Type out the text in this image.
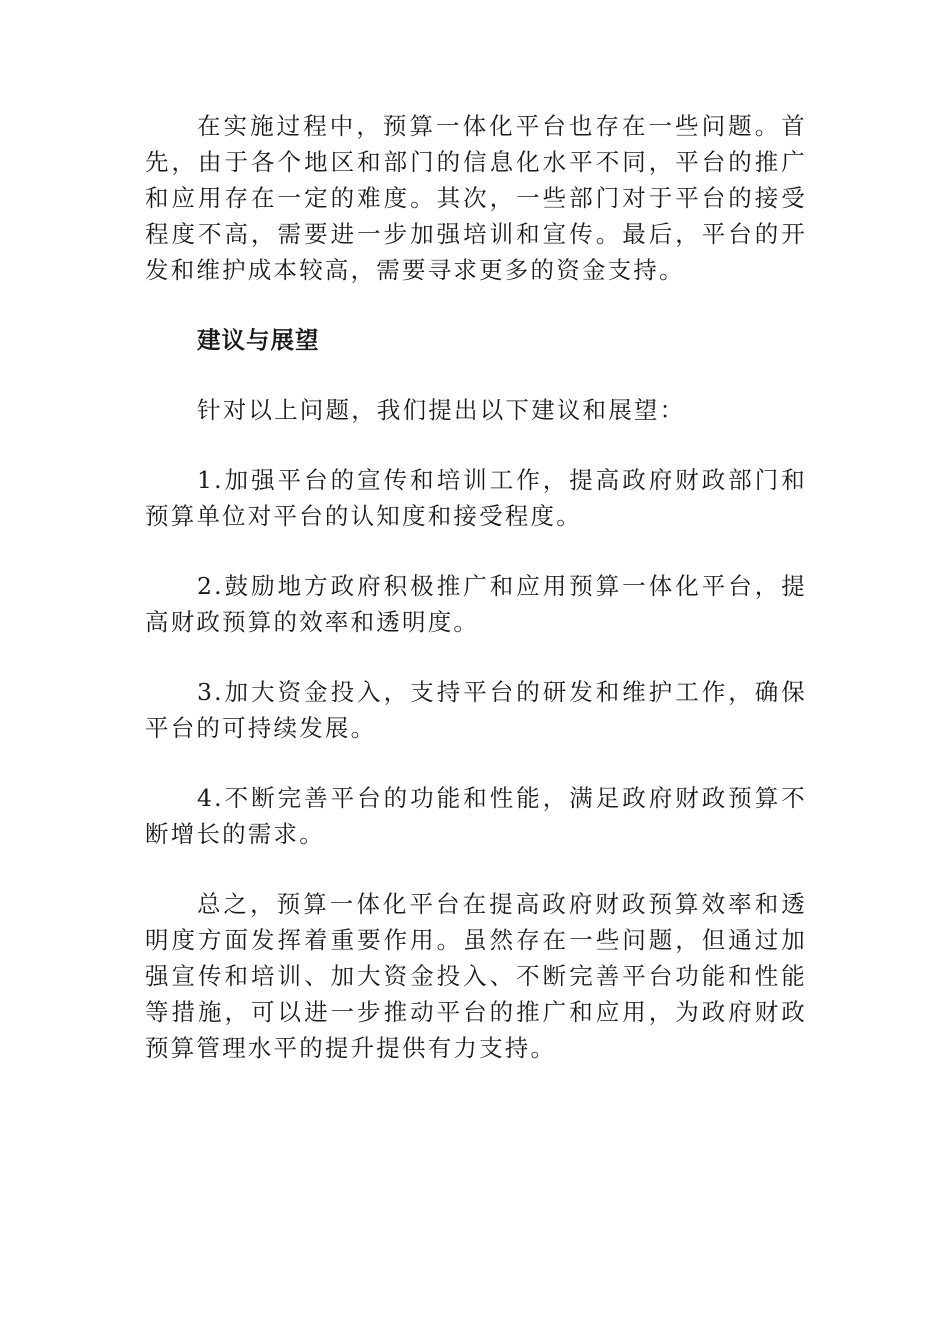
在实施过程中，预算一体化平台也存在一些问题。首先，由于各个地区和部门的信息化水平不同，平台的推广和应用存在一定的难度。其次，一些部门对于平台的接受程度不高，需要进一步加强培训和宣传。最后，平台的开发和维护成本较高，需要寻求更多的资金支持。

建议与展望

针对以上问题，我们提出以下建议和展望：

1.加强平台的宣传和培训工作，提高政府财政部门和预算单位对平台的认知度和接受程度。

2.鼓励地方政府积极推广和应用预算一体化平台，提高财政预算的效率和透明度。

3.加大资金投入，支持平台的研发和维护工作，确保平台的可持续发展。

4.不断完善平台的功能和性能，满足政府财政预算不断增长的需求。

总之，预算一体化平台在提高政府财政预算效率和透明度方面发挥着重要作用。虽然存在一些问题，但通过加强宣传和培训、加大资金投入、不断完善平台功能和性能等措施，可以进一步推动平台的推广和应用，为政府财政预算管理水平的提升提供有力支持。
